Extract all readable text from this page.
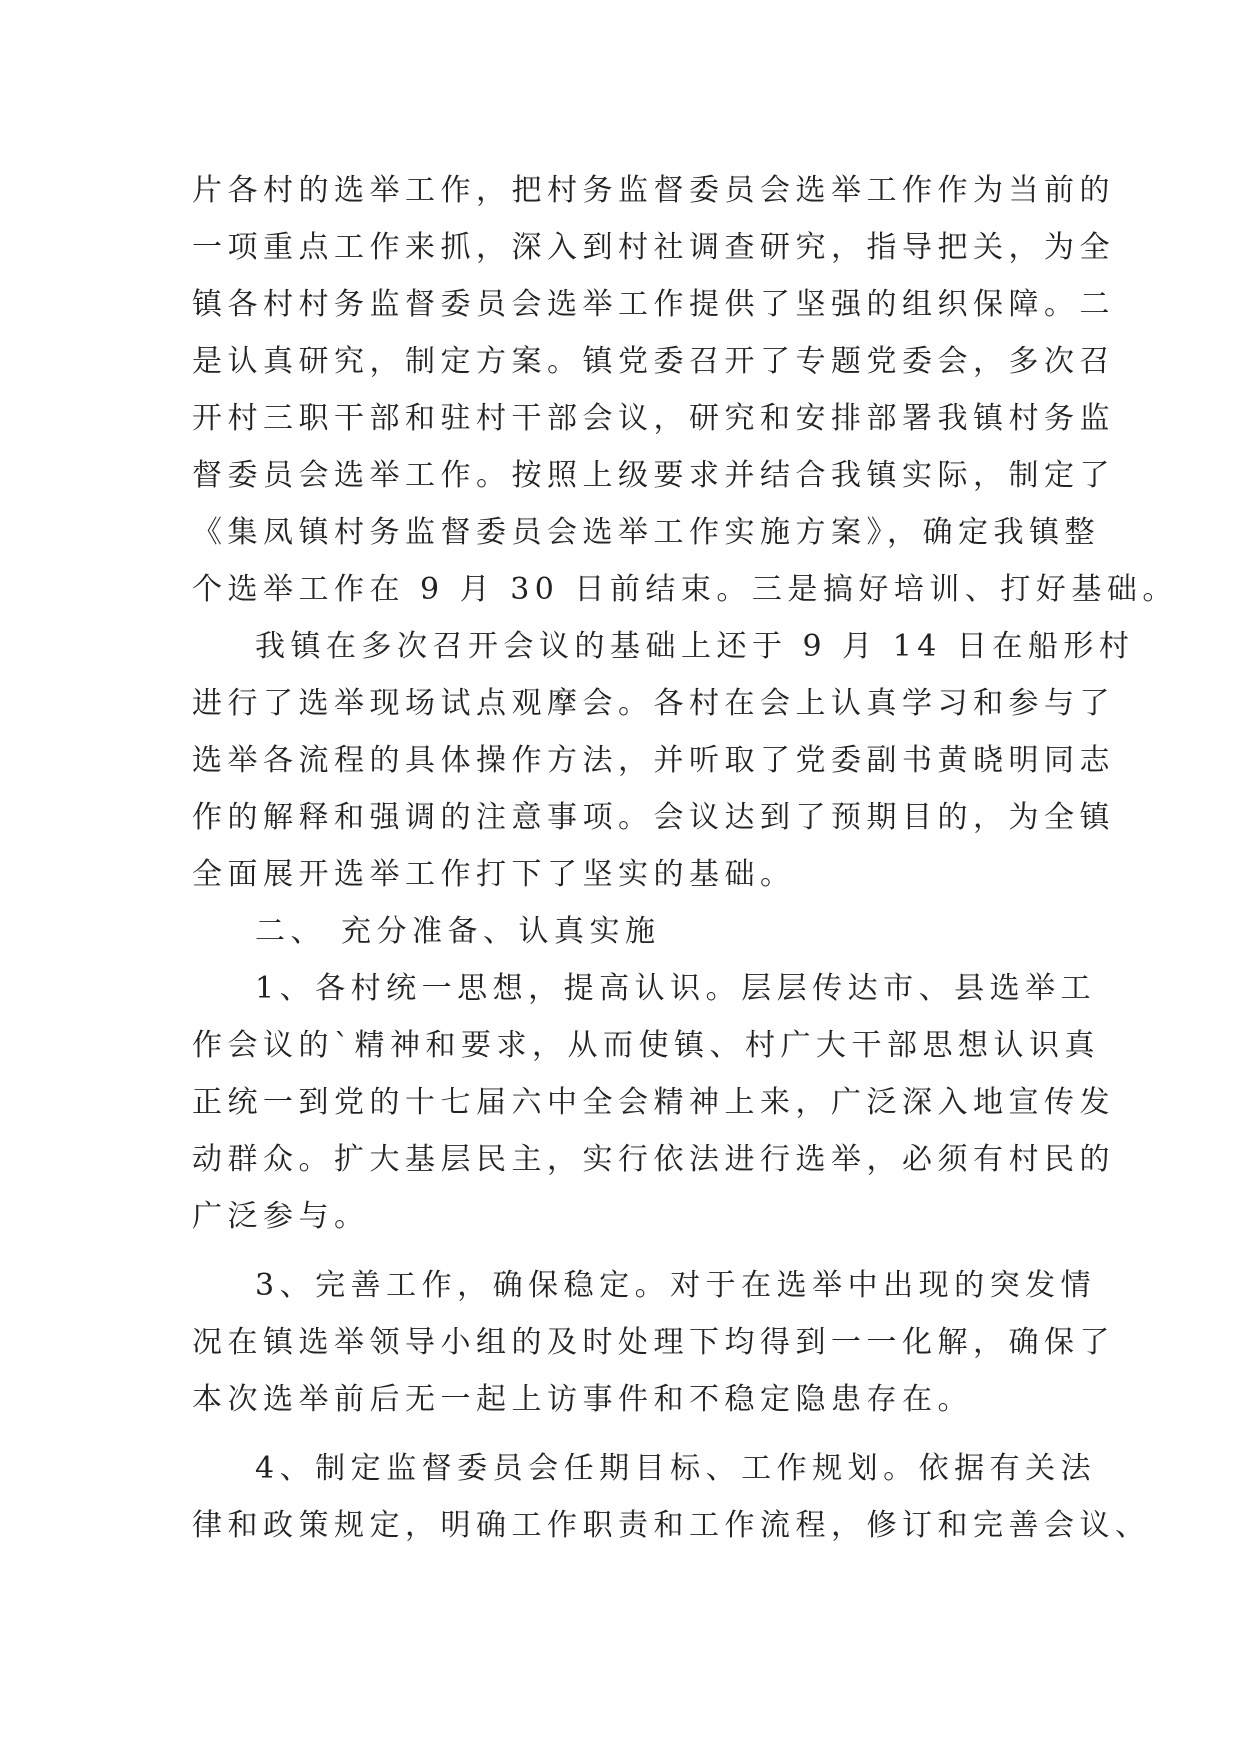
片各村的选举工作，把村务监督委员会选举工作作为当前的
一项重点工作来抓，深入到村社调查研究，指导把关，为全
镇各村村务监督委员会选举工作提供了坚强的组织保障。二
是认真研究，制定方案。镇党委召开了专题党委会，多次召
开村三职干部和驻村干部会议，研究和安排部署我镇村务监
督委员会选举工作。按照上级要求并结合我镇实际，制定了
《集凤镇村务监督委员会选举工作实施方案》，确定我镇整
个选举工作在 9 月 30 日前结束。三是搞好培训、打好基础。
我镇在多次召开会议的基础上还于 9 月 14 日在船形村
进行了选举现场试点观摩会。各村在会上认真学习和参与了
选举各流程的具体操作方法，并听取了党委副书黄晓明同志
作的解释和强调的注意事项。会议达到了预期目的，为全镇
全面展开选举工作打下了坚实的基础。
二、 充分准备、认真实施
1、各村统一思想，提高认识。层层传达市、县选举工
作会议的`精神和要求，从而使镇、村广大干部思想认识真
正统一到党的十七届六中全会精神上来，广泛深入地宣传发
动群众。扩大基层民主，实行依法进行选举，必须有村民的
广泛参与。
3、完善工作，确保稳定。对于在选举中出现的突发情
况在镇选举领导小组的及时处理下均得到一一化解，确保了
本次选举前后无一起上访事件和不稳定隐患存在。
4、制定监督委员会任期目标、工作规划。依据有关法
律和政策规定，明确工作职责和工作流程，修订和完善会议、
